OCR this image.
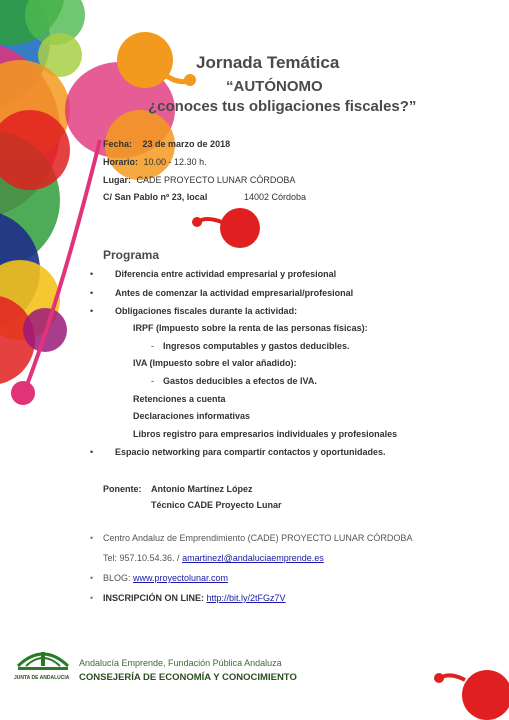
Jornada Temática
“AUTÓNOMO
¿conoces tus obligaciones fiscales?”
Fecha: 23 de marzo de 2018
Horario: 10.00 - 12.30 h.
Lugar: CADE PROYECTO LUNAR CÓRDOBA
C/ San Pablo nº 23, local	14002 Córdoba
Programa
• Diferencia entre actividad empresarial y profesional
• Antes de comenzar la actividad empresarial/profesional
• Obligaciones fiscales durante la actividad:
IRPF (Impuesto sobre la renta de las personas físicas):
- Ingresos computables y gastos deducibles.
IVA (Impuesto sobre el valor añadido):
- Gastos deducibles a efectos de IVA.
Retenciones a cuenta
Declaraciones informativas
Libros registro para empresarios individuales y profesionales
• Espacio networking para compartir contactos y oportunidades.
Ponente: Antonio Martínez López
Técnico CADE Proyecto Lunar
• Centro Andaluz de Emprendimiento (CADE) PROYECTO LUNAR CÓRDOBA
Tel: 957.10.54.36. / amartinezl@andaluciaemprende.es
• BLOG: www.proyectolunar.com
• INSCRIPCIÓN ON LINE: http://bit.ly/2tFGz7V
JUNTA DE ANDALUCIA
Andalucía Emprende, Fundación Pública Andaluza
CONSEJERÍA DE ECONOMÍA Y CONOCIMIENTO
